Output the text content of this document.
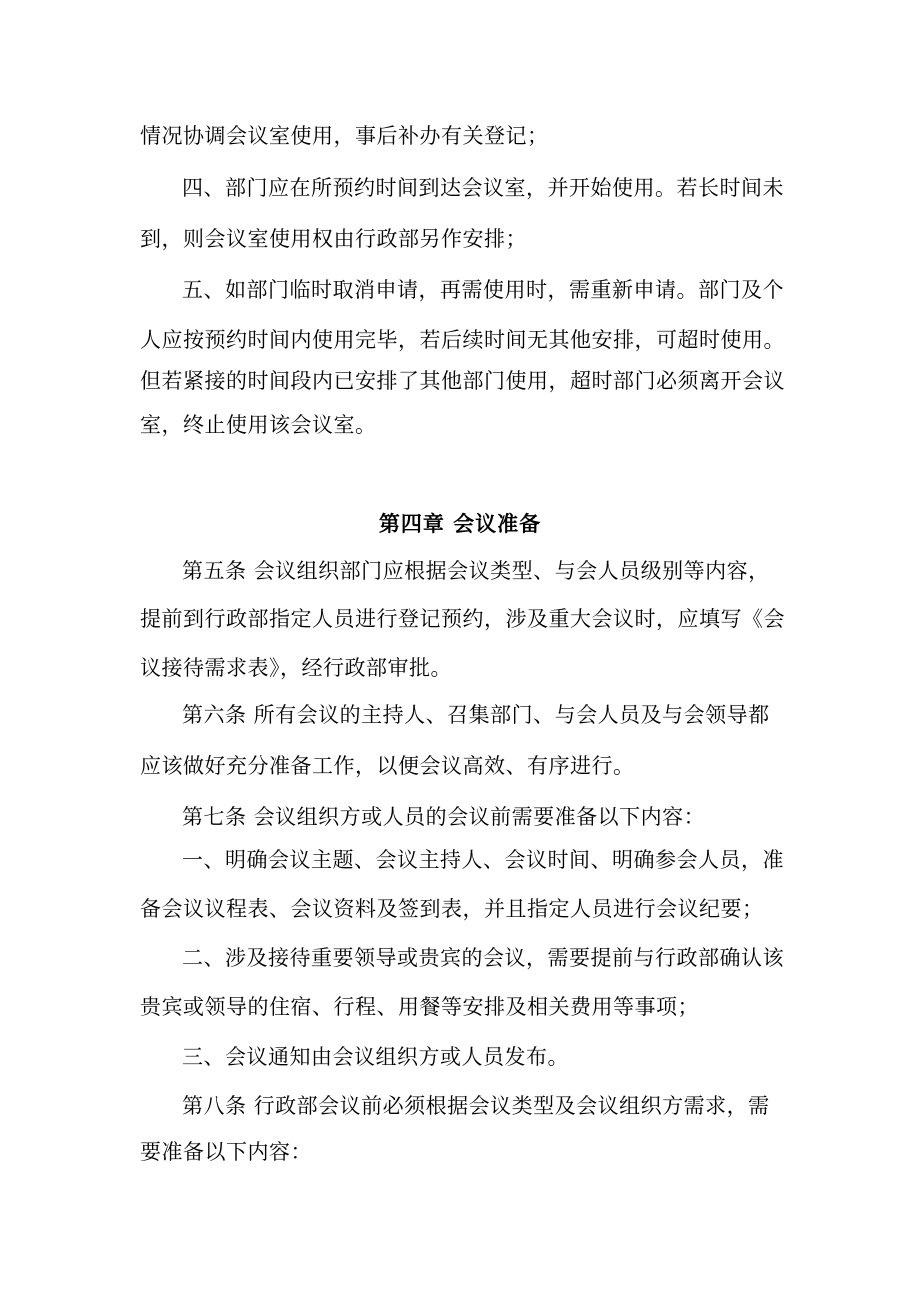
情况协调会议室使用，事后补办有关登记；
四、部门应在所预约时间到达会议室，并开始使用。若长时间未
到，则会议室使用权由行政部另作安排；
五、如部门临时取消申请，再需使用时，需重新申请。部门及个
人应按预约时间内使用完毕，若后续时间无其他安排，可超时使用。
但若紧接的时间段内已安排了其他部门使用，超时部门必须离开会议
室，终止使用该会议室。
第四章 会议准备
第五条 会议组织部门应根据会议类型、与会人员级别等内容，
提前到行政部指定人员进行登记预约，涉及重大会议时，应填写《会
议接待需求表》，经行政部审批。
第六条 所有会议的主持人、召集部门、与会人员及与会领导都
应该做好充分准备工作，以便会议高效、有序进行。
第七条 会议组织方或人员的会议前需要准备以下内容：
一、明确会议主题、会议主持人、会议时间、明确参会人员，准
备会议议程表、会议资料及签到表，并且指定人员进行会议纪要；
二、涉及接待重要领导或贵宾的会议，需要提前与行政部确认该
贵宾或领导的住宿、行程、用餐等安排及相关费用等事项；
三、会议通知由会议组织方或人员发布。
第八条 行政部会议前必须根据会议类型及会议组织方需求，需
要准备以下内容：
